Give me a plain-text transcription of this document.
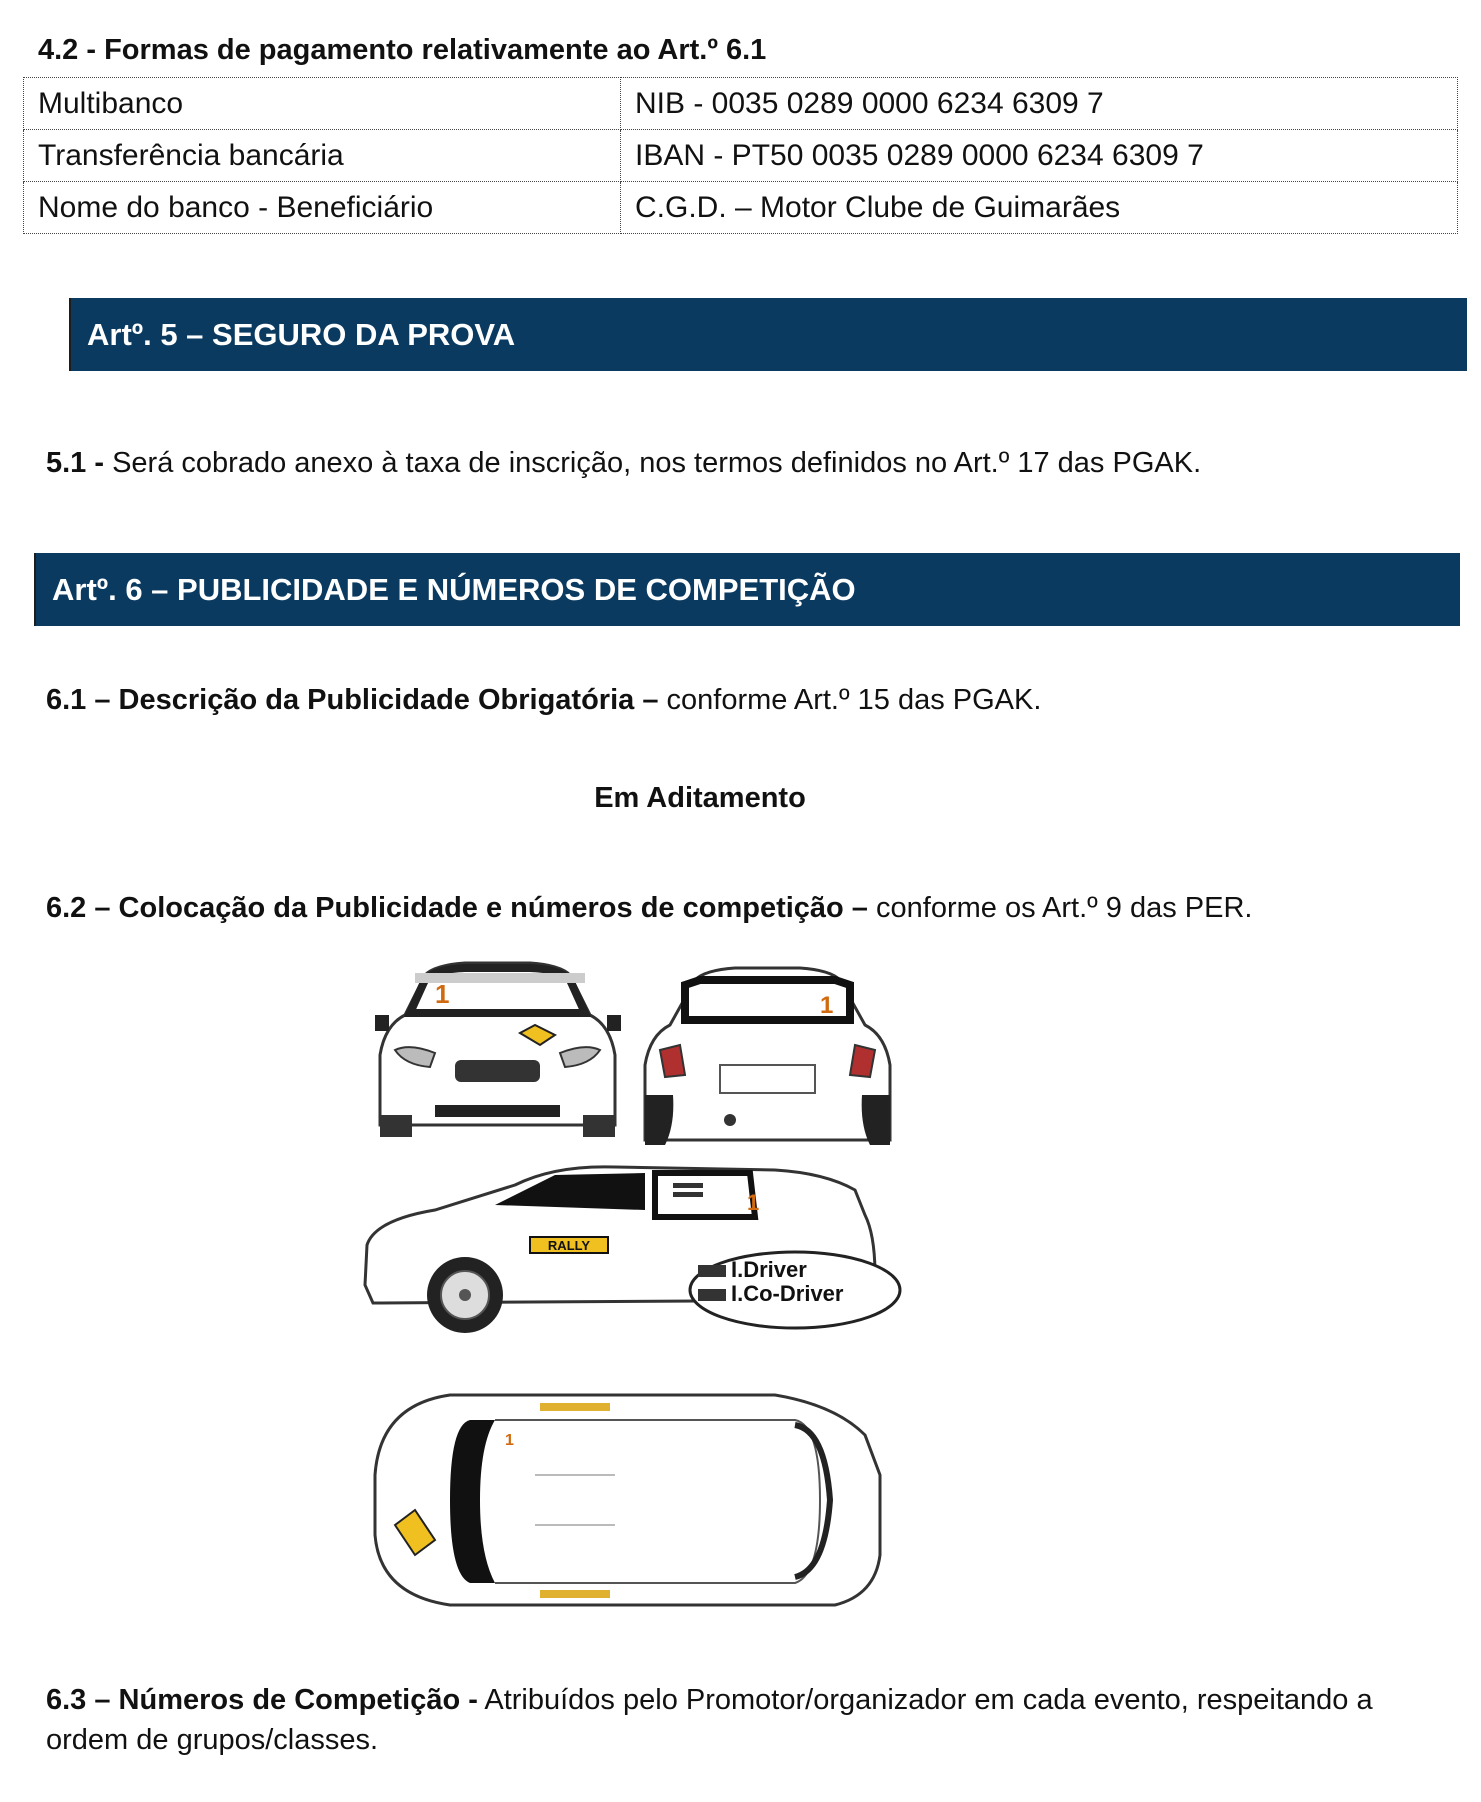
4.2 - Formas de pagamento relativamente ao Art.º 6.1
Multibanco	NIB - 0035 0289 0000 6234 6309 7
Transferência bancária	IBAN - PT50 0035 0289 0000 6234 6309 7
Nome do banco - Beneficiário	C.G.D. – Motor Clube de Guimarães
Artº. 5 – SEGURO DA PROVA

5.1 - Será cobrado anexo à taxa de inscrição, nos termos definidos no Art.º 17 das PGAK.

Artº. 6 – PUBLICIDADE E NÚMEROS DE COMPETIÇÃO

6.1 – Descrição da Publicidade Obrigatória – conforme Art.º 15 das PGAK.

Em Aditamento

6.2 – Colocação da Publicidade e números de competição – conforme os Art.º 9 das PER.

1	1
1
RALLY
I.Driver
I.Co-Driver
1

6.3 – Números de Competição - Atribuídos pelo Promotor/organizador em cada evento, respeitando a ordem de grupos/classes.
